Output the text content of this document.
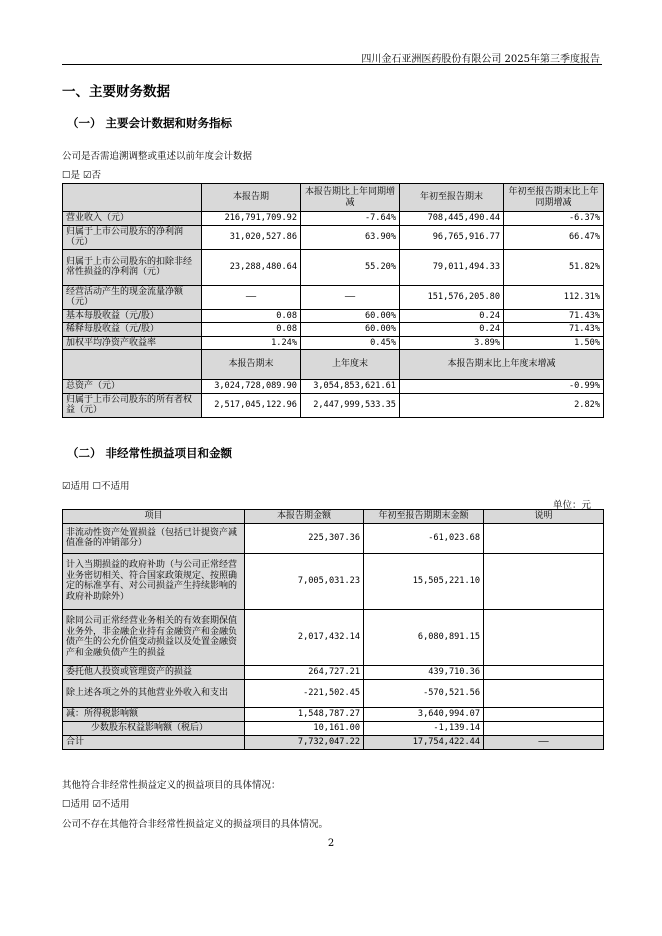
四川金石亚洲医药股份有限公司 2025年第三季度报告
一、主要财务数据
（一） 主要会计数据和财务指标
公司是否需追溯调整或重述以前年度会计数据
☐是 ☑否
	本报告期	本报告期比上年同期增减	年初至报告期末	年初至报告期末比上年同期增减
营业收入（元）	216,791,709.92	-7.64%	708,445,490.44	-6.37%
归属于上市公司股东的净利润（元）	31,020,527.86	63.90%	96,765,916.77	66.47%
归属于上市公司股东的扣除非经常性损益的净利润（元）	23,288,480.64	55.20%	79,011,494.33	51.82%
经营活动产生的现金流量净额（元）	——	——	151,576,205.80	112.31%
基本每股收益（元/股）	0.08	60.00%	0.24	71.43%
稀释每股收益（元/股）	0.08	60.00%	0.24	71.43%
加权平均净资产收益率	1.24%	0.45%	3.89%	1.50%
	本报告期末	上年度末	本报告期末比上年度末增减	
总资产（元）	3,024,728,089.90	3,054,853,621.61	-0.99%	
归属于上市公司股东的所有者权益（元）	2,517,045,122.96	2,447,999,533.35	2.82%	
（二） 非经常性损益项目和金额
☑适用 ☐不适用
单位：元
项目	本报告期金额	年初至报告期期末金额	说明
非流动性资产处置损益（包括已计提资产减值准备的冲销部分）	225,307.36	-61,023.68	
计入当期损益的政府补助（与公司正常经营业务密切相关、符合国家政策规定、按照确定的标准享有、对公司损益产生持续影响的政府补助除外）	7,005,031.23	15,505,221.10	
除同公司正常经营业务相关的有效套期保值业务外，非金融企业持有金融资产和金融负债产生的公允价值变动损益以及处置金融资产和金融负债产生的损益	2,017,432.14	6,080,891.15	
委托他人投资或管理资产的损益	264,727.21	439,710.36	
除上述各项之外的其他营业外收入和支出	-221,502.45	-570,521.56	
减：所得税影响额	1,548,787.27	3,640,994.07	
少数股东权益影响额（税后）	10,161.00	-1,139.14	
合计	7,732,047.22	17,754,422.44	——
其他符合非经常性损益定义的损益项目的具体情况：
☐适用 ☑不适用
公司不存在其他符合非经常性损益定义的损益项目的具体情况。
2
